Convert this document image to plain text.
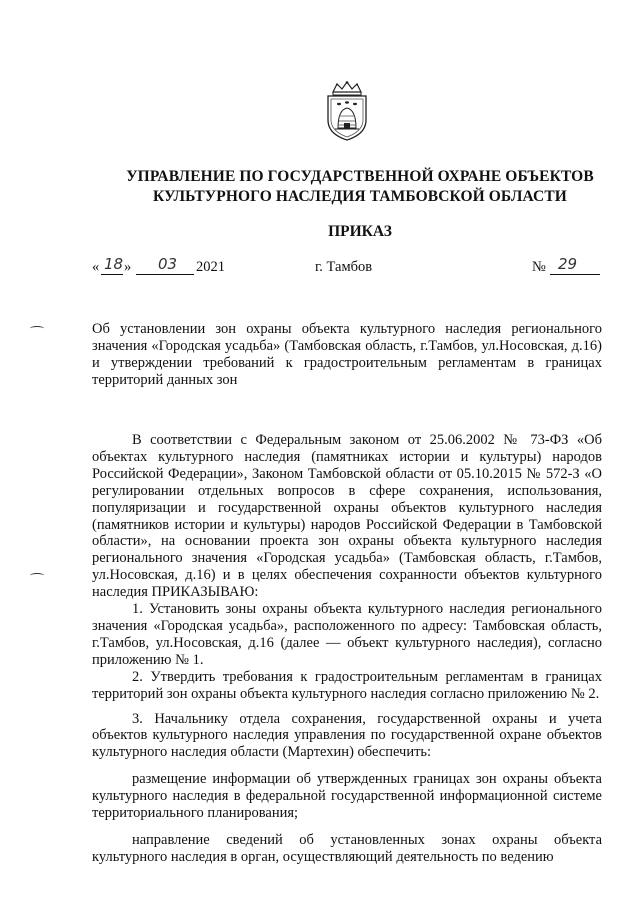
УПРАВЛЕНИЕ ПО ГОСУДАРСТВЕННОЙ ОХРАНЕ ОБЪЕКТОВ
КУЛЬТУРНОГО НАСЛЕДИЯ ТАМБОВСКОЙ ОБЛАСТИ
ПРИКАЗ
« 18 » 03 2021	г. Тамбов	№ 29
Об установлении зон охраны объекта культурного наследия регионального значения «Городская усадьба» (Тамбовская область, г.Тамбов, ул.Носовская, д.16) и утверждении требований к градостроительным регламентам в границах территорий данных зон

В соответствии с Федеральным законом от 25.06.2002 № 73-ФЗ «Об объектах культурного наследия (памятниках истории и культуры) народов Российской Федерации», Законом Тамбовской области от 05.10.2015 № 572-З «О регулировании отдельных вопросов в сфере сохранения, использования, популяризации и государственной охраны объектов культурного наследия (памятников истории и культуры) народов Российской Федерации в Тамбовской области», на основании проекта зон охраны объекта культурного наследия регионального значения «Городская усадьба» (Тамбовская область, г.Тамбов, ул.Носовская, д.16) и в целях обеспечения сохранности объектов культурного наследия ПРИКАЗЫВАЮ:

1. Установить зоны охраны объекта культурного наследия регионального значения «Городская усадьба», расположенного по адресу: Тамбовская область, г.Тамбов, ул.Носовская, д.16 (далее — объект культурного наследия), согласно приложению № 1.

2. Утвердить требования к градостроительным регламентам в границах территорий зон охраны объекта культурного наследия согласно приложению № 2.

3. Начальнику отдела сохранения, государственной охраны и учета объектов культурного наследия управления по государственной охране объектов культурного наследия области (Мартехин) обеспечить:

размещение информации об утвержденных границах зон охраны объекта культурного наследия в федеральной государственной информационной системе территориального планирования;

направление сведений об установленных зонах охраны объекта культурного наследия в орган, осуществляющий деятельность по ведению
